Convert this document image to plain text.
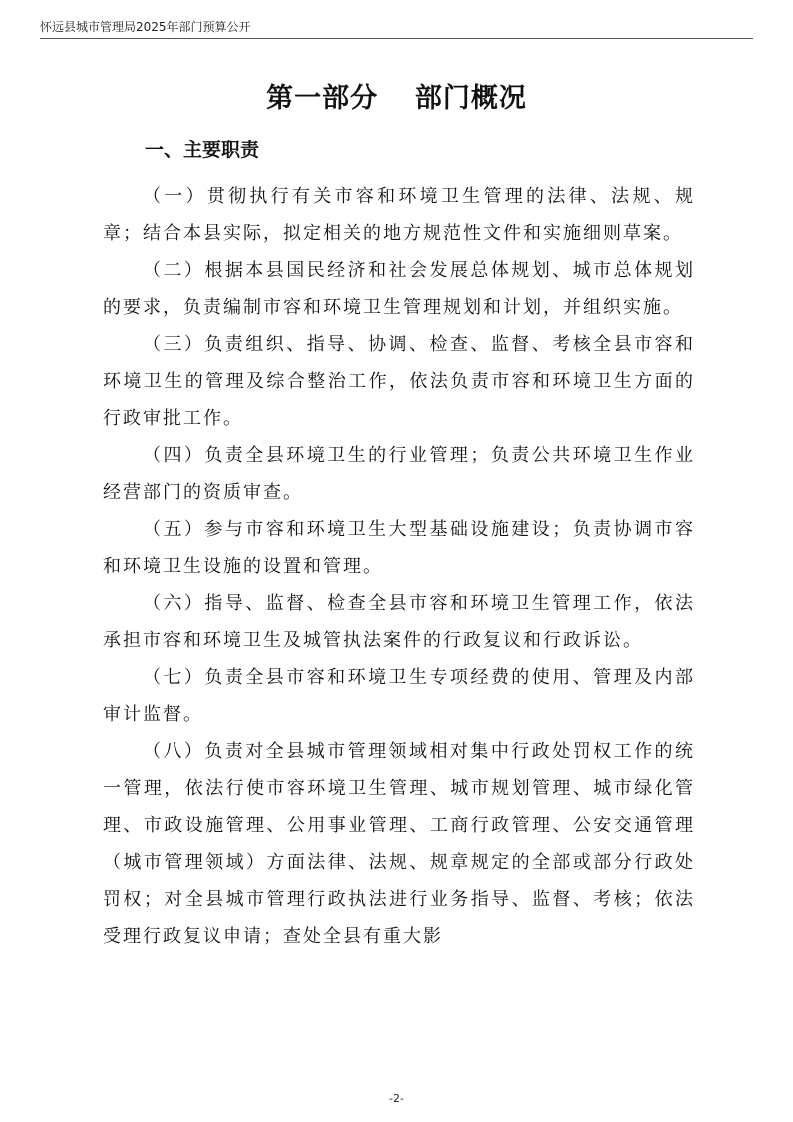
怀远县城市管理局2025年部门预算公开
第一部分  部门概况
一、主要职责

（一）贯彻执行有关市容和环境卫生管理的法律、法规、规章；结合本县实际，拟定相关的地方规范性文件和实施细则草案。

（二）根据本县国民经济和社会发展总体规划、城市总体规划的要求，负责编制市容和环境卫生管理规划和计划，并组织实施。

（三）负责组织、指导、协调、检查、监督、考核全县市容和环境卫生的管理及综合整治工作，依法负责市容和环境卫生方面的行政审批工作。

（四）负责全县环境卫生的行业管理；负责公共环境卫生作业经营部门的资质审查。

（五）参与市容和环境卫生大型基础设施建设；负责协调市容和环境卫生设施的设置和管理。

（六）指导、监督、检查全县市容和环境卫生管理工作，依法承担市容和环境卫生及城管执法案件的行政复议和行政诉讼。

（七）负责全县市容和环境卫生专项经费的使用、管理及内部审计监督。

（八）负责对全县城市管理领域相对集中行政处罚权工作的统一管理，依法行使市容环境卫生管理、城市规划管理、城市绿化管理、市政设施管理、公用事业管理、工商行政管理、公安交通管理（城市管理领域）方面法律、法规、规章规定的全部或部分行政处罚权；对全县城市管理行政执法进行业务指导、监督、考核；依法受理行政复议申请；查处全县有重大影

-2-
